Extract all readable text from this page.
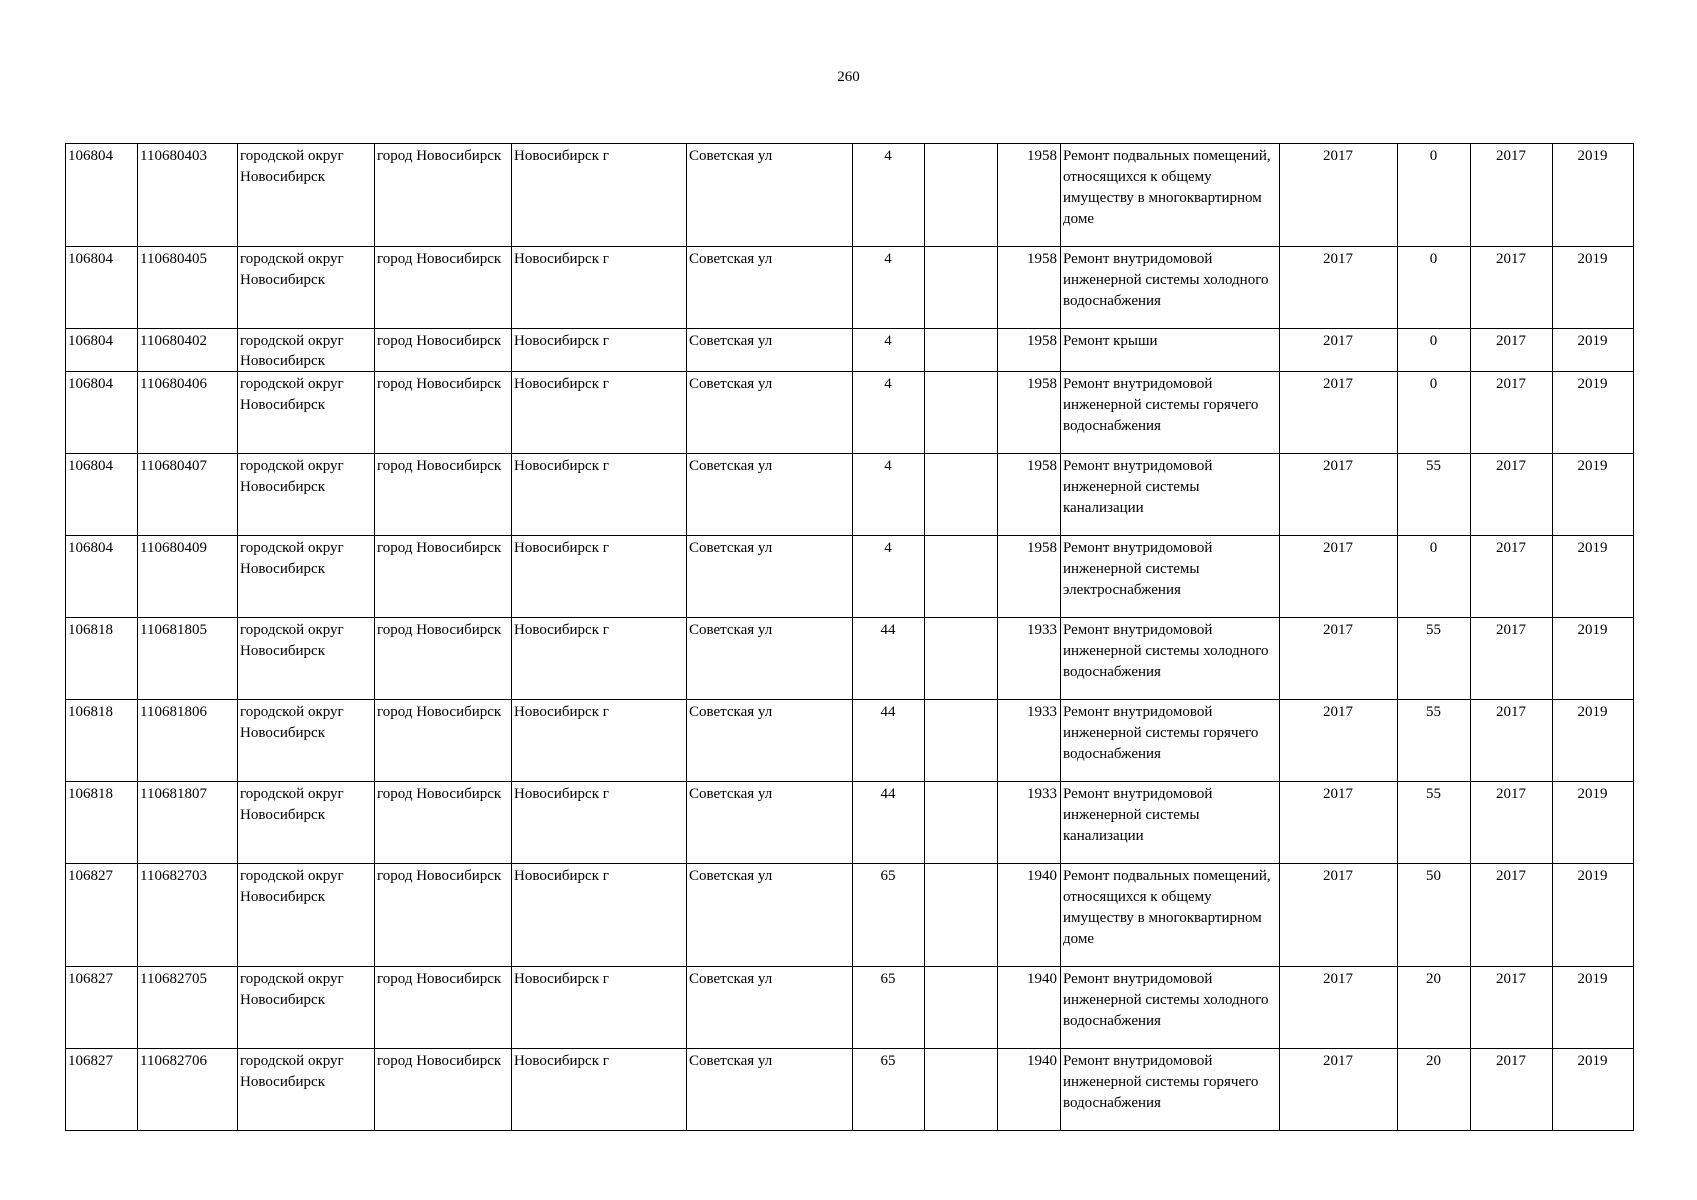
260
106804	110680403	городской округ Новосибирск	город Новосибирск	Новосибирск г	Советская ул	4		1958	Ремонт подвальных помещений, относящихся к общему имуществу в многоквартирном доме	2017	0	2017	2019
106804	110680405	городской округ Новосибирск	город Новосибирск	Новосибирск г	Советская ул	4		1958	Ремонт внутридомовой инженерной системы холодного водоснабжения	2017	0	2017	2019
106804	110680402	городской округ Новосибирск	город Новосибирск	Новосибирск г	Советская ул	4		1958	Ремонт крыши	2017	0	2017	2019
106804	110680406	городской округ Новосибирск	город Новосибирск	Новосибирск г	Советская ул	4		1958	Ремонт внутридомовой инженерной системы горячего водоснабжения	2017	0	2017	2019
106804	110680407	городской округ Новосибирск	город Новосибирск	Новосибирск г	Советская ул	4		1958	Ремонт внутридомовой инженерной системы канализации	2017	55	2017	2019
106804	110680409	городской округ Новосибирск	город Новосибирск	Новосибирск г	Советская ул	4		1958	Ремонт внутридомовой инженерной системы электроснабжения	2017	0	2017	2019
106818	110681805	городской округ Новосибирск	город Новосибирск	Новосибирск г	Советская ул	44		1933	Ремонт внутридомовой инженерной системы холодного водоснабжения	2017	55	2017	2019
106818	110681806	городской округ Новосибирск	город Новосибирск	Новосибирск г	Советская ул	44		1933	Ремонт внутридомовой инженерной системы горячего водоснабжения	2017	55	2017	2019
106818	110681807	городской округ Новосибирск	город Новосибирск	Новосибирск г	Советская ул	44		1933	Ремонт внутридомовой инженерной системы канализации	2017	55	2017	2019
106827	110682703	городской округ Новосибирск	город Новосибирск	Новосибирск г	Советская ул	65		1940	Ремонт подвальных помещений, относящихся к общему имуществу в многоквартирном доме	2017	50	2017	2019
106827	110682705	городской округ Новосибирск	город Новосибирск	Новосибирск г	Советская ул	65		1940	Ремонт внутридомовой инженерной системы холодного водоснабжения	2017	20	2017	2019
106827	110682706	городской округ Новосибирск	город Новосибирск	Новосибирск г	Советская ул	65		1940	Ремонт внутридомовой инженерной системы горячего водоснабжения	2017	20	2017	2019
